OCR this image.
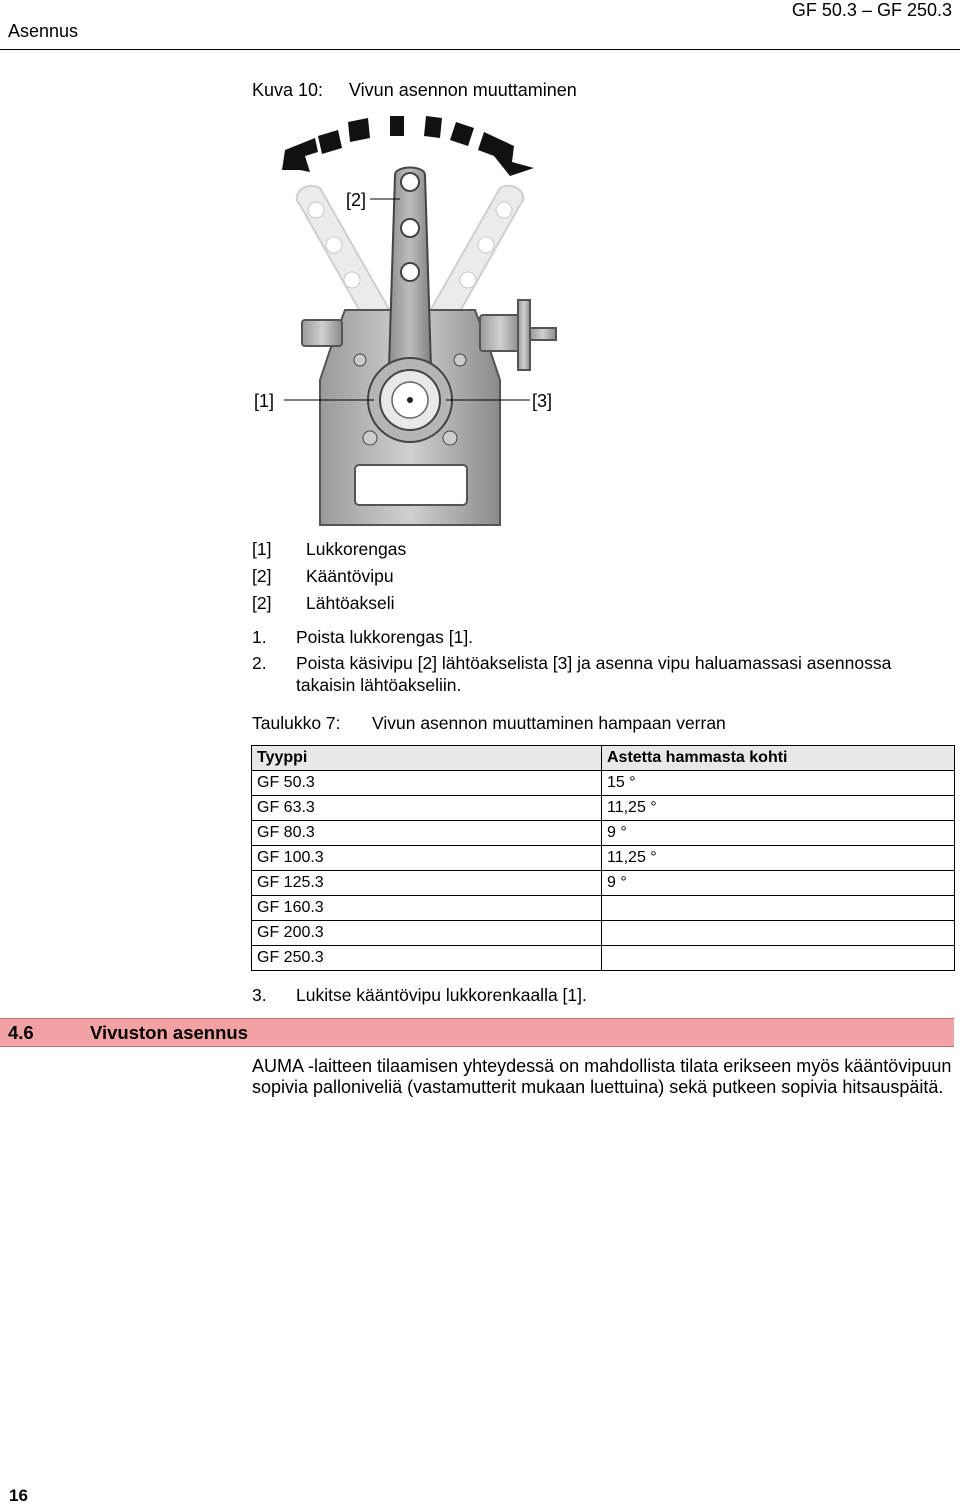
Asennus
GF 50.3 – GF 250.3
Kuva 10: Vivun asennon muuttaminen
[1]	[3]
[2]
[1]	Lukkorengas
[2]	Kääntövipu
[2]	Lähtöakseli
1.	Poista lukkorengas [1].
2.	Poista käsivipu [2] lähtöakselista [3] ja asenna vipu haluamassasi asennossa takaisin lähtöakseliin.
Taulukko 7: Vivun asennon muuttaminen hampaan verran
Tyyppi	Astetta hammasta kohti
GF 50.3	15 °
GF 63.3	11,25 °
GF 80.3	9 °
GF 100.3	11,25 °
GF 125.3	9 °
GF 160.3	
GF 200.3	
GF 250.3	
3.	Lukitse kääntövipu lukkorenkaalla [1].
4.6	Vivuston asennus
AUMA -laitteen tilaamisen yhteydessä on mahdollista tilata erikseen myös kääntövipuun sopivia palloniveliä (vastamutterit mukaan luettuina) sekä putkeen sopivia hitsauspäitä.
16
